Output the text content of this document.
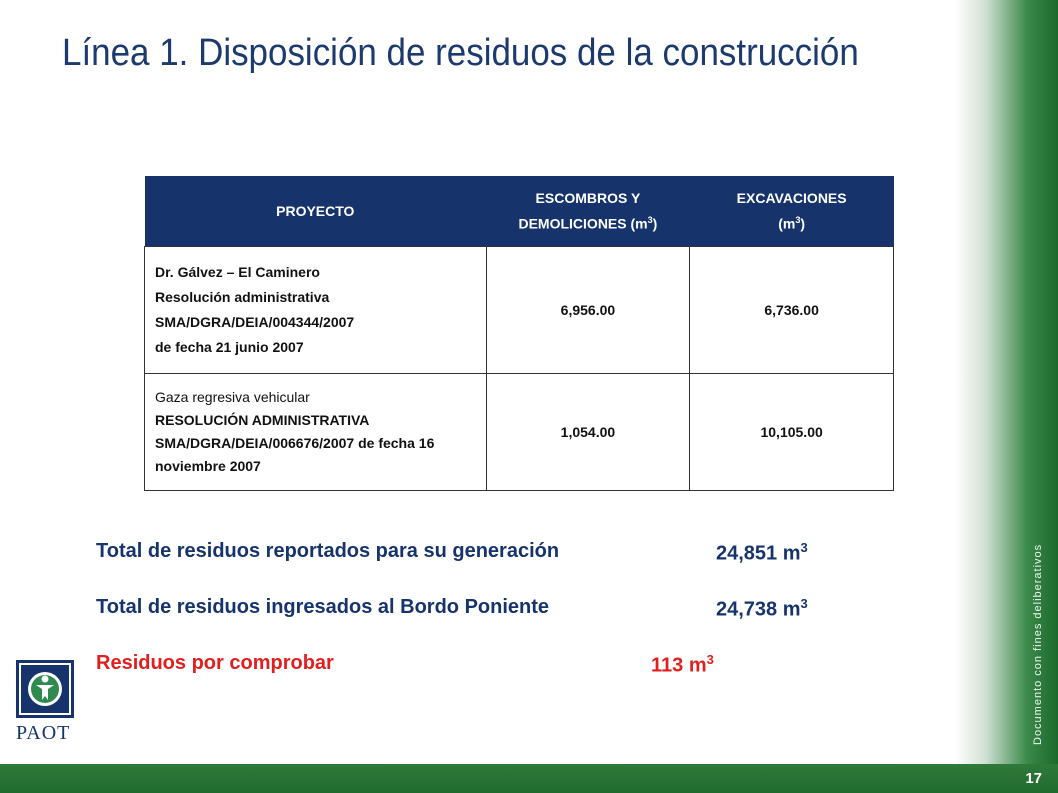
17
Documento con fines deliberativos
Línea 1. Disposición de residuos de la construcción
PROYECTO	ESCOMBROS Y DEMOLICIONES $(m^3)$	EXCAVACIONES
$(m^3)$

Dr. Gálvez – El Caminero
Resolución administrativa
SMA/DGRA/DEIA/004344/2007
de fecha 21 junio 2007	6,956.00	6,736.00

Gaza regresiva vehicular
RESOLUCIÓN ADMINISTRATIVA SMA/DGRA/DEIA/006676/2007 de fecha 16 noviembre 2007	1,054.00	10,105.00
Total de residuos reportados para su generación	24,851 $m^3$
Total de residuos ingresados al Bordo Poniente	24,738 $m^3$
Residuos por comprobar	113 $m^3$
PAOT
